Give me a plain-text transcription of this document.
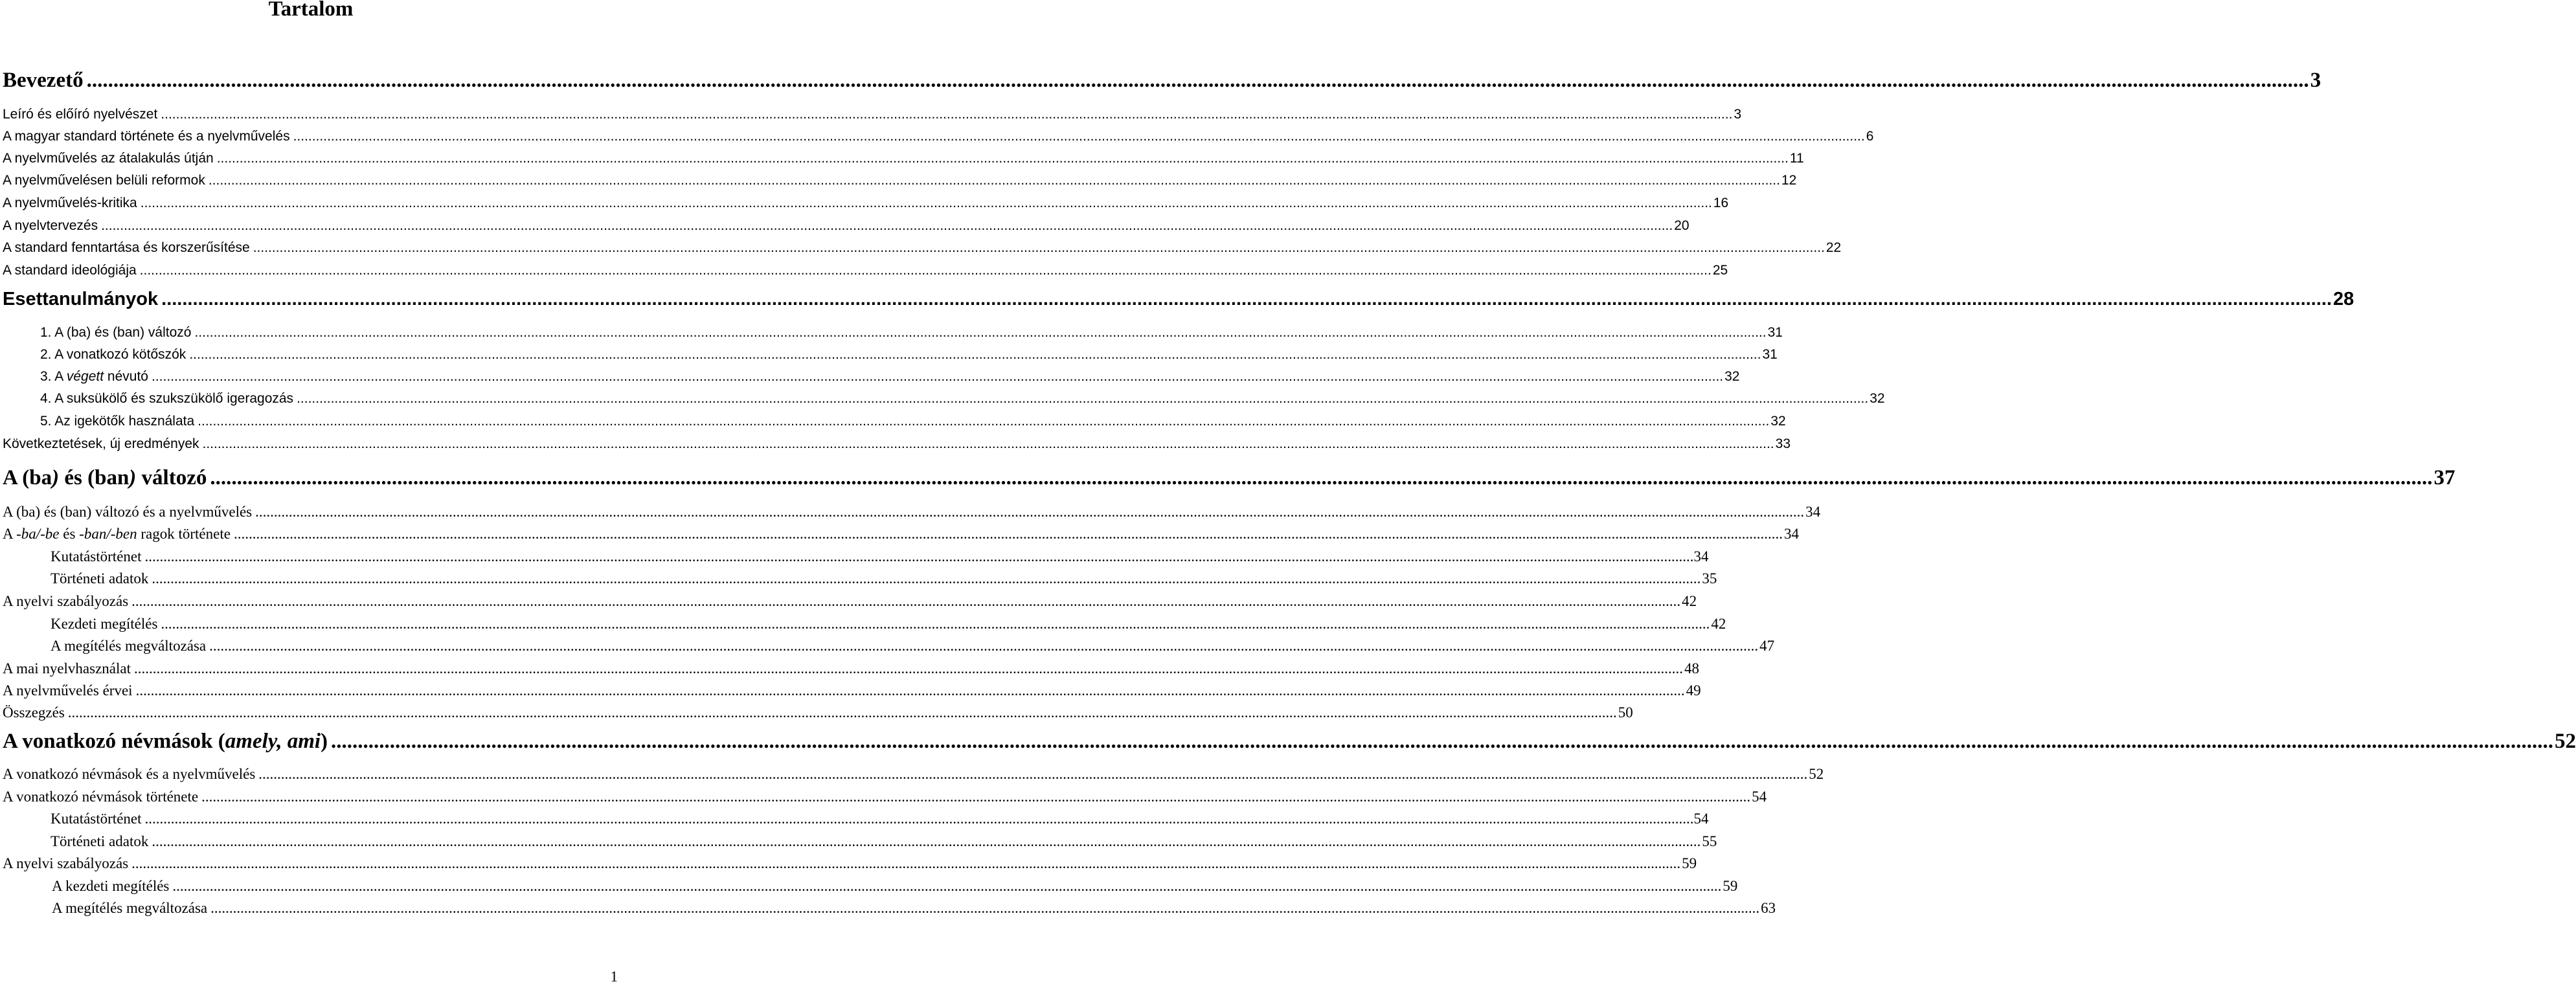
Tartalom
Bevezető ................................................................................................................................................................................................................................................................................................................................................................................................................................ 3
Leíró és előíró nyelvészet ................................................................................................................................................................................................................................................................................................................................................................................................................................ 3
A magyar standard története és a nyelvművelés ................................................................................................................................................................................................................................................................................................................................................................................................................................ 6
A nyelvművelés az átalakulás útján ................................................................................................................................................................................................................................................................................................................................................................................................................................ 11
A nyelvművelésen belüli reformok ................................................................................................................................................................................................................................................................................................................................................................................................................................ 12
A nyelvművelés-kritika ................................................................................................................................................................................................................................................................................................................................................................................................................................ 16
A nyelvtervezés ................................................................................................................................................................................................................................................................................................................................................................................................................................ 20
A standard fenntartása és korszerűsítése ................................................................................................................................................................................................................................................................................................................................................................................................................................ 22
A standard ideológiája ................................................................................................................................................................................................................................................................................................................................................................................................................................ 25
Esettanulmányok ................................................................................................................................................................................................................................................................................................................................................................................................................................ 28
1. A (ba) és (ban) változó ................................................................................................................................................................................................................................................................................................................................................................................................................................ 31
2. A vonatkozó kötőszók ................................................................................................................................................................................................................................................................................................................................................................................................................................ 31
3. A végett névutó ................................................................................................................................................................................................................................................................................................................................................................................................................................ 32
4. A suksükölő és szukszükölő igeragozás ................................................................................................................................................................................................................................................................................................................................................................................................................................ 32
5. Az igekötők használata ................................................................................................................................................................................................................................................................................................................................................................................................................................ 32
Következtetések, új eredmények ................................................................................................................................................................................................................................................................................................................................................................................................................................ 33
A (ba) és (ban) változó ................................................................................................................................................................................................................................................................................................................................................................................................................................ 37
A (ba) és (ban) változó és a nyelvművelés ................................................................................................................................................................................................................................................................................................................................................................................................................................ 34
A -ba/-be és -ban/-ben ragok története ................................................................................................................................................................................................................................................................................................................................................................................................................................ 34
Kutatástörténet ................................................................................................................................................................................................................................................................................................................................................................................................................................ 34
Történeti adatok ................................................................................................................................................................................................................................................................................................................................................................................................................................ 35
A nyelvi szabályozás ................................................................................................................................................................................................................................................................................................................................................................................................................................ 42
Kezdeti megítélés ................................................................................................................................................................................................................................................................................................................................................................................................................................ 42
A megítélés megváltozása ................................................................................................................................................................................................................................................................................................................................................................................................................................ 47
A mai nyelvhasználat ................................................................................................................................................................................................................................................................................................................................................................................................................................ 48
A nyelvművelés érvei ................................................................................................................................................................................................................................................................................................................................................................................................................................ 49
Összegzés ................................................................................................................................................................................................................................................................................................................................................................................................................................ 50
A vonatkozó névmások (amely, ami) ................................................................................................................................................................................................................................................................................................................................................................................................................................ 52
A vonatkozó névmások és a nyelvművelés ................................................................................................................................................................................................................................................................................................................................................................................................................................ 52
A vonatkozó névmások története ................................................................................................................................................................................................................................................................................................................................................................................................................................ 54
Kutatástörténet ................................................................................................................................................................................................................................................................................................................................................................................................................................ 54
Történeti adatok ................................................................................................................................................................................................................................................................................................................................................................................................................................ 55
A nyelvi szabályozás ................................................................................................................................................................................................................................................................................................................................................................................................................................ 59
A kezdeti megítélés ................................................................................................................................................................................................................................................................................................................................................................................................................................ 59
A megítélés megváltozása ................................................................................................................................................................................................................................................................................................................................................................................................................................ 63
1
